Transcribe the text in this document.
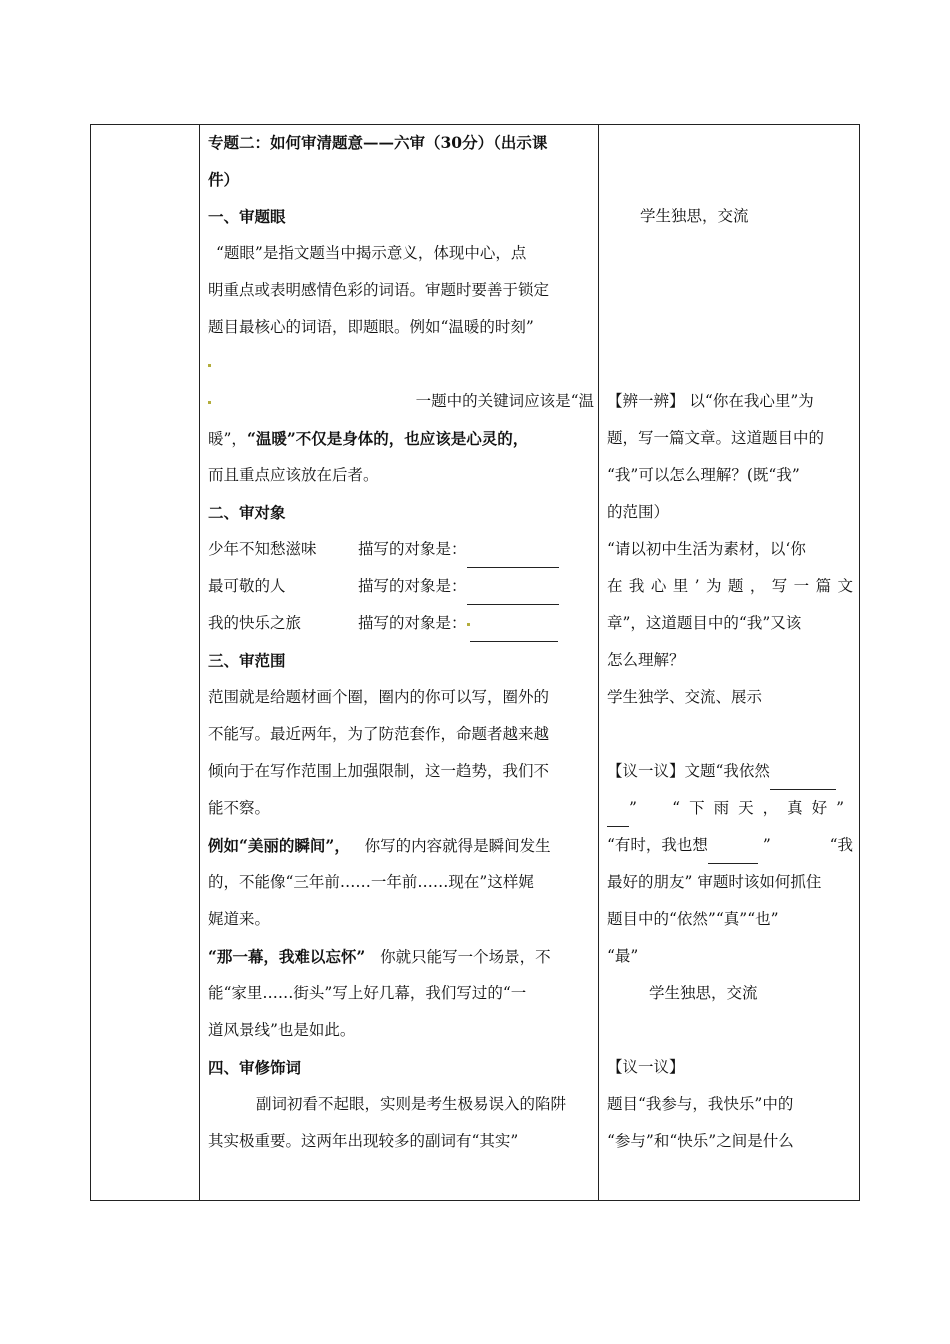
专题二：如何审清题意——六审（30分）（出示课
件）
一、审题眼
“题眼”是指文题当中揭示意义，体现中心，点
明重点或表明感情色彩的词语。审题时要善于锁定
题目最核心的词语，即题眼。例如“温暖的时刻”
一题中的关键词应该是“温
暖”，“温暖”不仅是身体的，也应该是心灵的，
而且重点应该放在后者。
二、审对象
少年不知愁滋味	描写的对象是：
最可敬的人	描写的对象是：
我的快乐之旅	描写的对象是：
三、审范围
范围就是给题材画个圈，圈内的你可以写，圈外的
不能写。最近两年，为了防范套作，命题者越来越
倾向于在写作范围上加强限制，这一趋势，我们不
能不察。
例如“美丽的瞬间”， 你写的内容就得是瞬间发生
的，不能像“三年前……一年前……现在”这样娓
娓道来。
“那一幕，我难以忘怀” 你就只能写一个场景，不
能“家里……街头”写上好几幕，我们写过的“一
道风景线”也是如此。
四、审修饰词
副词初看不起眼，实则是考生极易误入的陷阱
其实极重要。这两年出现较多的副词有“其实”
学生独思，交流
【辨一辨】 以“你在我心里”为
题，写一篇文章。这道题目中的
“我”可以怎么理解？(既“我”
的范围）
“请以初中生活为素材，以‘你
在我心里’为题，写一篇文
章”，这道题目中的“我”又该
怎么理解？
学生独学、交流、展示
【议一议】文题“我依然
” “下雨天，真好”
“有时，我也想	”	“我
最好的朋友” 审题时该如何抓住
题目中的“依然”“真”“也”
“最”
学生独思，交流
【议一议】
题目“我参与，我快乐”中的
“参与”和“快乐”之间是什么
